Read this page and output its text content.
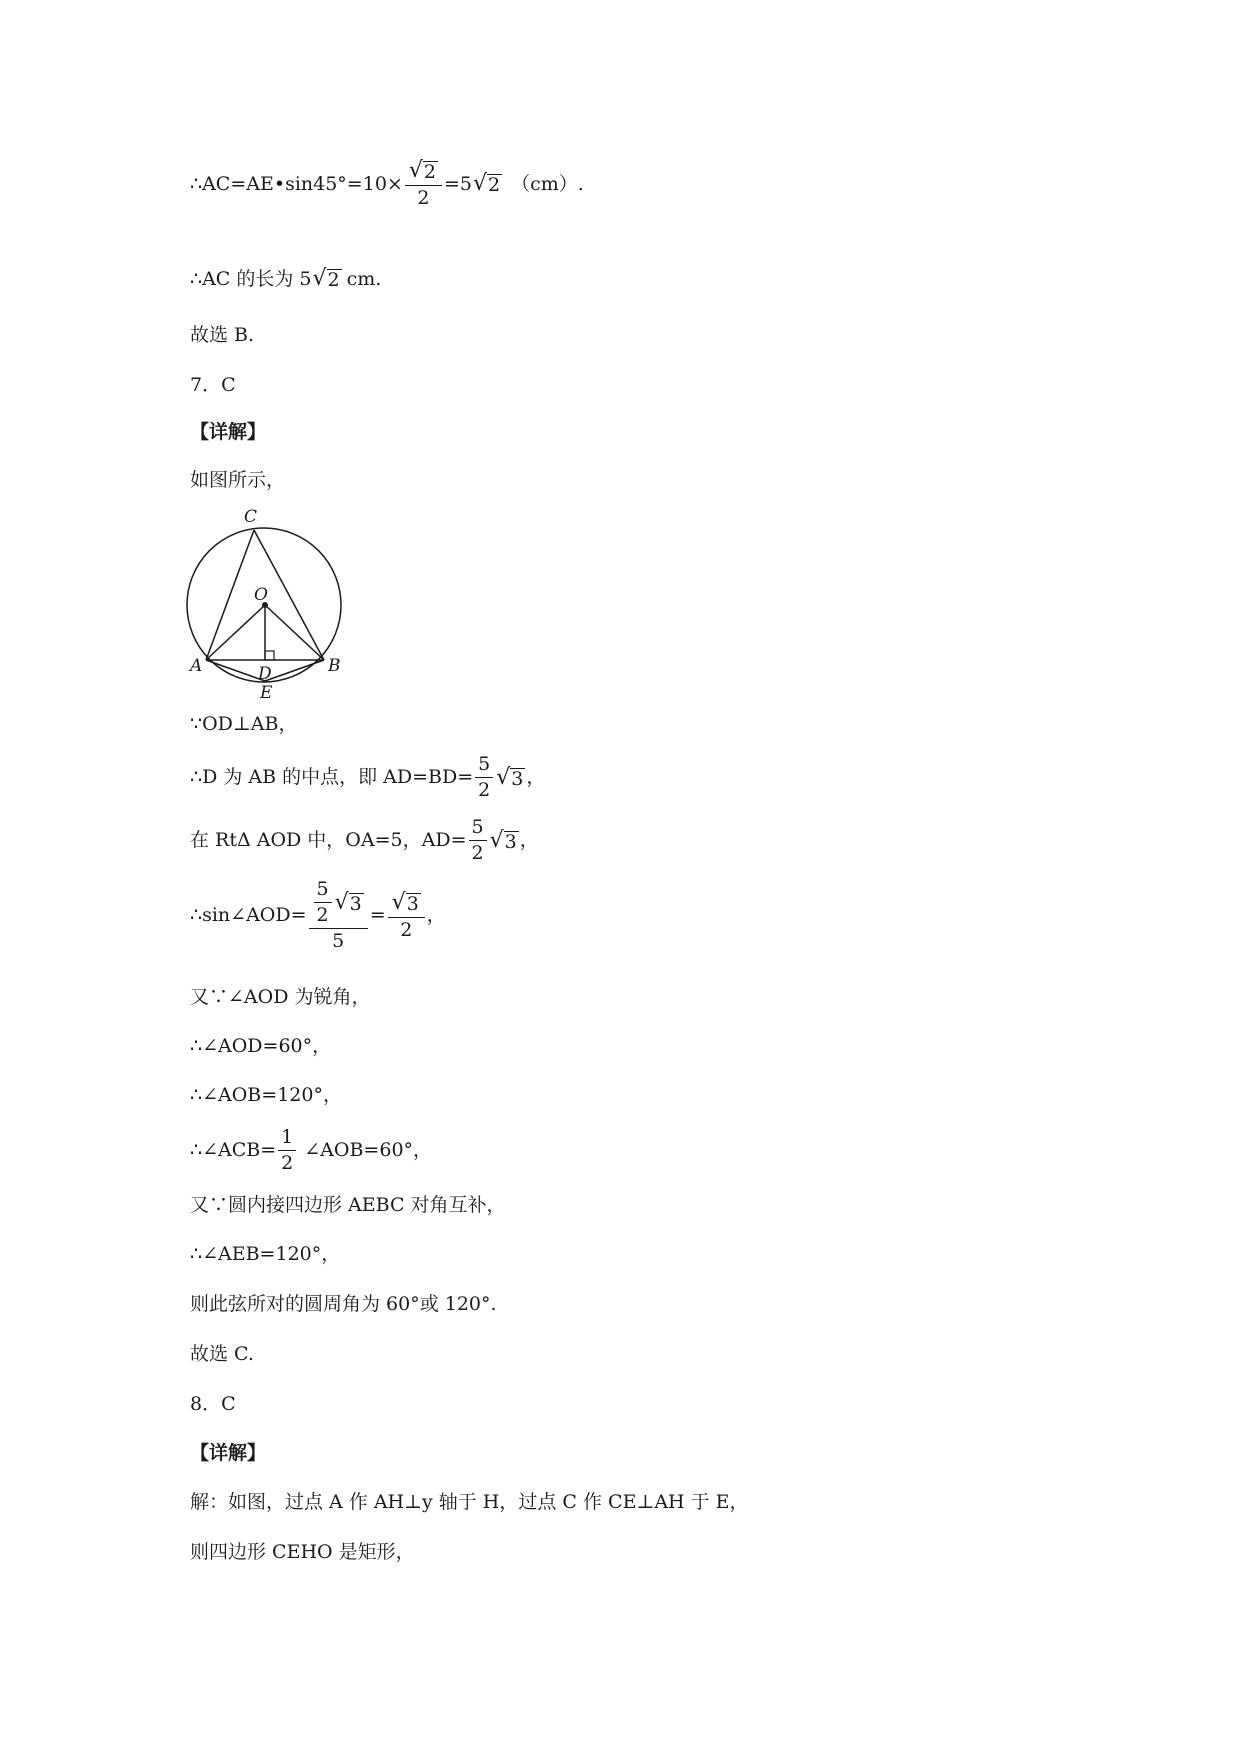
∴AC=AE•sin45°=10× $\frac{√ 2}{2} =5$ √ 2 （cm）.
∴AC 的长为 5 √ 2 cm.
故选 B.
7．C
【详解】
如图所示，
C
O
A	D	B
E
∵OD⊥AB，
∴D 为 AB 的中点，即 $AD=BD= \frac{5}{2}$ √ 3 ，
在 RtΔ AOD 中，OA=5，$AD= \frac{5}{2}$ √ 3 ，
∴sin∠AOD= $\frac{\frac{5}{2} √ 3}{5} = \frac{√ 3}{2}$ ，
又∵∠AOD 为锐角，
∴∠AOD=60°，
∴∠AOB=120°，
∴∠ACB= $\frac{1}{2}$ ∠AOB=60°，
又∵圆内接四边形 AEBC 对角互补，
∴∠AEB=120°，
则此弦所对的圆周角为 60°或 120°.
故选 C.
8．C
【详解】
解：如图，过点 A 作 AH⊥y 轴于 H，过点 C 作 CE⊥AH 于 E，
则四边形 CEHO 是矩形，
